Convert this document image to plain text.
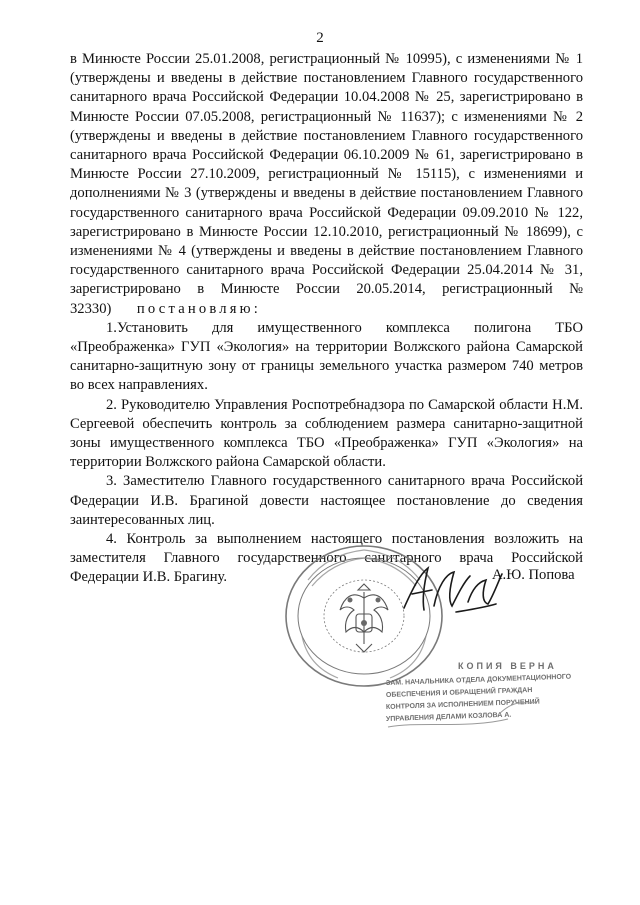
2

в Минюсте России 25.01.2008, регистрационный № 10995), с изменениями № 1 (утверждены и введены в действие постановлением Главного государственного санитарного врача Российской Федерации 10.04.2008 № 25, зарегистрировано в Минюсте России 07.05.2008, регистрационный № 11637); с изменениями № 2 (утверждены и введены в действие постановлением Главного государственного санитарного врача Российской Федерации 06.10.2009 № 61, зарегистрировано в Минюсте России 27.10.2009, регистрационный № 15115), с изменениями и дополнениями № 3 (утверждены и введены в действие постановлением Главного государственного санитарного врача Российской Федерации 09.09.2010 № 122, зарегистрировано в Минюсте России 12.10.2010, регистрационный № 18699), с изменениями № 4 (утверждены и введены в действие постановлением Главного государственного санитарного врача Российской Федерации 25.04.2014 № 31, зарегистрировано в Минюсте России 20.05.2014, регистрационный № 32330) постановляю:

1.Установить для имущественного комплекса полигона ТБО «Преображенка» ГУП «Экология» на территории Волжского района Самарской санитарно-защитную зону от границы земельного участка размером 740 метров во всех направлениях.

2. Руководителю Управления Роспотребнадзора по Самарской области Н.М. Сергеевой обеспечить контроль за соблюдением размера санитарно-защитной зоны имущественного комплекса ТБО «Преображенка» ГУП «Экология» на территории Волжского района Самарской области.

3. Заместителю Главного государственного санитарного врача Российской Федерации И.В. Брагиной довести настоящее постановление до сведения заинтересованных лиц.

4. Контроль за выполнением настоящего постановления возложить на заместителя Главного государственного санитарного врача Российской Федерации И.В. Брагину.	А.Ю. Попова
КОПИЯ ВЕРНА
ЗАМ. НАЧАЛЬНИКА ОТДЕЛА ДОКУМЕНТАЦИОННОГО
ОБЕСПЕЧЕНИЯ И ОБРАЩЕНИЙ ГРАЖДАН
КОНТРОЛЯ ЗА ИСПОЛНЕНИЕМ ПОРУЧЕНИЙ
УПРАВЛЕНИЯ ДЕЛАМИ КОЗЛОВА А.
